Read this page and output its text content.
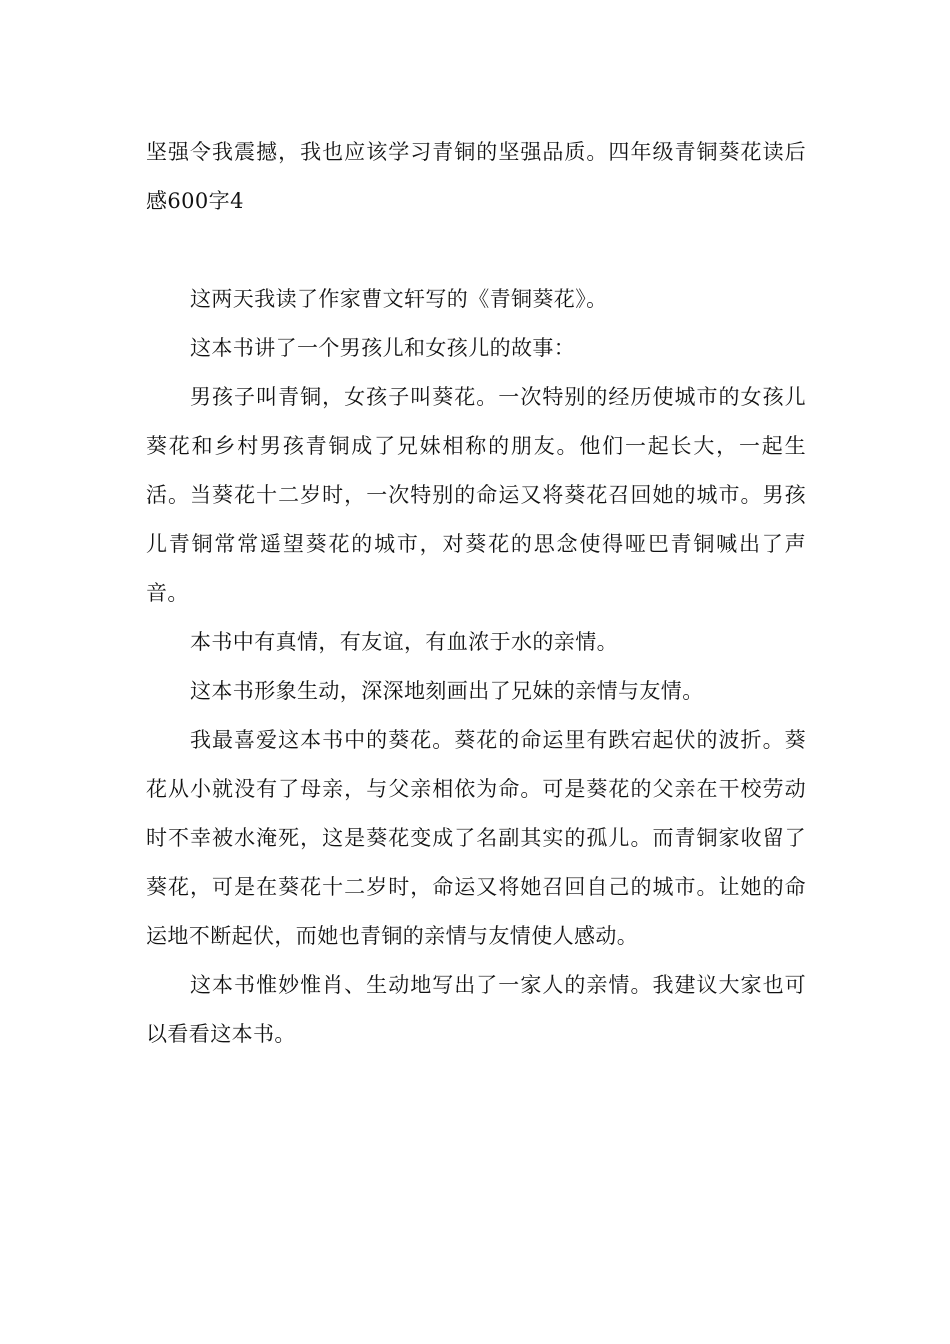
坚强令我震撼，我也应该学习青铜的坚强品质。四年级青铜葵花读后感600字4

这两天我读了作家曹文轩写的《青铜葵花》。

这本书讲了一个男孩儿和女孩儿的故事：

男孩子叫青铜，女孩子叫葵花。一次特别的经历使城市的女孩儿葵花和乡村男孩青铜成了兄妹相称的朋友。他们一起长大，一起生活。当葵花十二岁时，一次特别的命运又将葵花召回她的城市。男孩儿青铜常常遥望葵花的城市，对葵花的思念使得哑巴青铜喊出了声音。

本书中有真情，有友谊，有血浓于水的亲情。

这本书形象生动，深深地刻画出了兄妹的亲情与友情。

我最喜爱这本书中的葵花。葵花的命运里有跌宕起伏的波折。葵花从小就没有了母亲，与父亲相依为命。可是葵花的父亲在干校劳动时不幸被水淹死，这是葵花变成了名副其实的孤儿。而青铜家收留了葵花，可是在葵花十二岁时，命运又将她召回自己的城市。让她的命运地不断起伏，而她也青铜的亲情与友情使人感动。

这本书惟妙惟肖、生动地写出了一家人的亲情。我建议大家也可以看看这本书。
